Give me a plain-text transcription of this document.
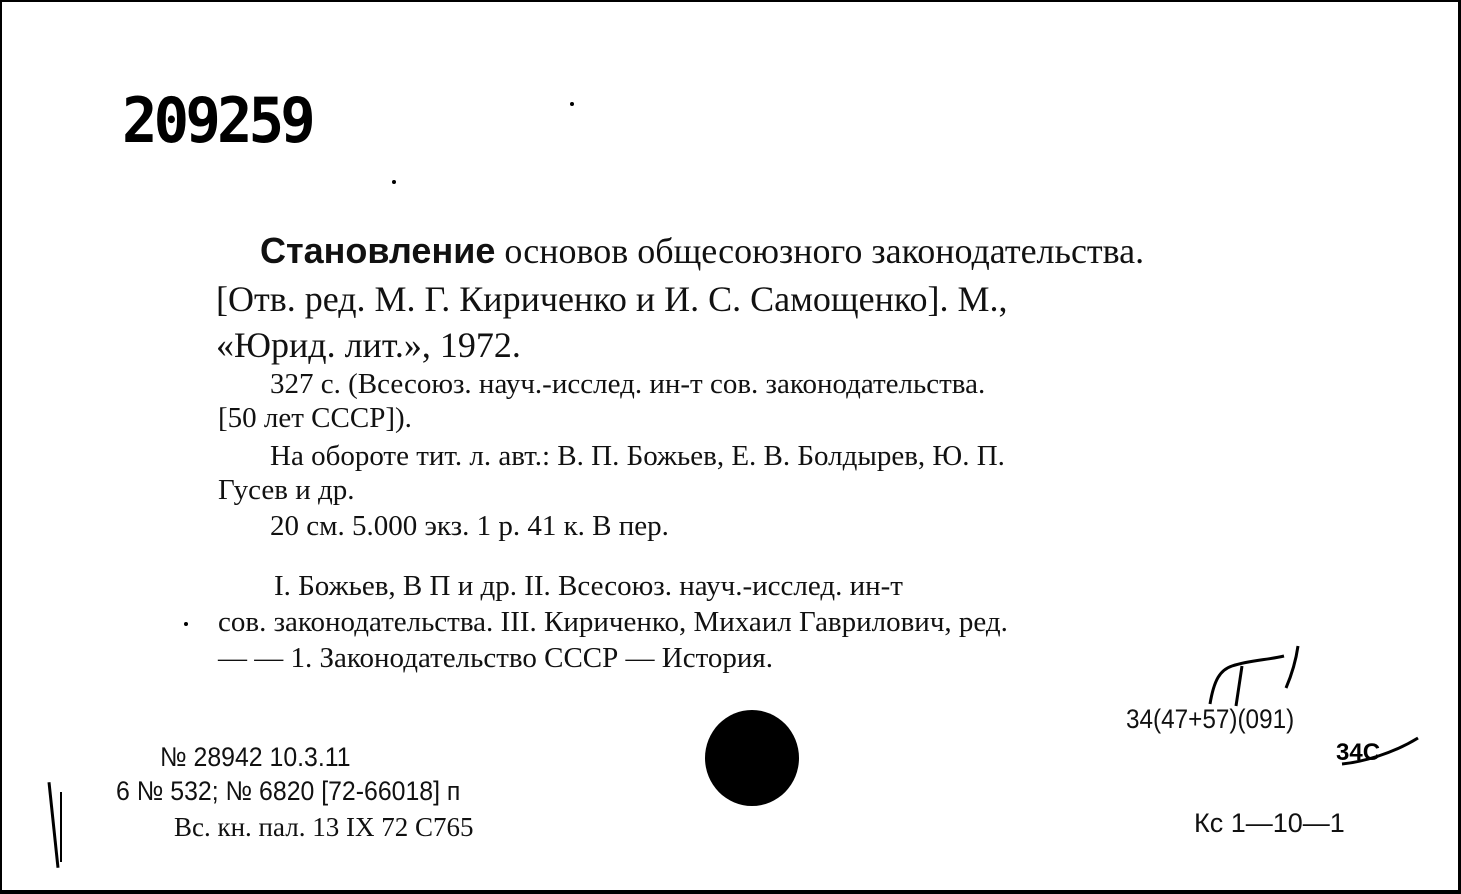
209259
Становление основов общесоюзного законодательства.
[Отв. ред. М. Г. Кириченко и И. С. Самощенко]. М.,
«Юрид. лит.», 1972.
327 с. (Всесоюз. науч.-исслед. ин-т сов. законодательства.
[50 лет СССР]).
На обороте тит. л. авт.: В. П. Божьев, Е. В. Болдырев, Ю. П.
Гусев и др.
20 см. 5.000 экз. 1 р. 41 к. В пер.
I. Божьев, В П и др. II. Всесоюз. науч.-исслед. ин-т
сов. законодательства. III. Кириченко, Михаил Гаврилович, ред.
— — 1. Законодательство СССР — История.
34(47+57)(091)
34С
№ 28942 10.3.11
6 № 532; № 6820 [72-66018] п
Вс. кн. пал. 13 IX 72 С765	Кс 1—10—1
